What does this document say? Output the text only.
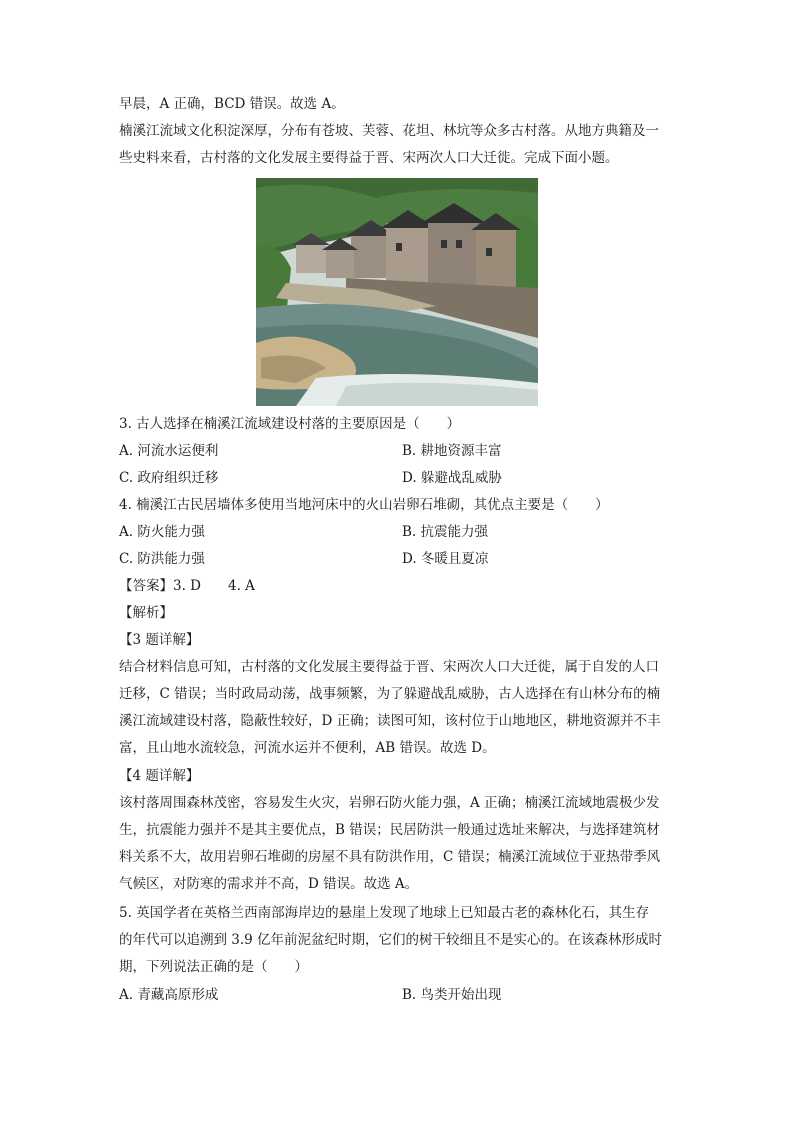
早晨，A 正确，BCD 错误。故选 A。
楠溪江流域文化积淀深厚，分布有苍坡、芙蓉、花坦、林坑等众多古村落。从地方典籍及一
些史料来看，古村落的文化发展主要得益于晋、宋两次人口大迁徙。完成下面小题。
3. 古人选择在楠溪江流域建设村落的主要原因是（　　）
A. 河流水运便利	B. 耕地资源丰富
C. 政府组织迁移	D. 躲避战乱威胁
4. 楠溪江古民居墙体多使用当地河床中的火山岩卵石堆砌，其优点主要是（　　）
A. 防火能力强	B. 抗震能力强
C. 防洪能力强	D. 冬暖且夏凉
【答案】3. D　　4. A
【解析】
【3 题详解】
结合材料信息可知，古村落的文化发展主要得益于晋、宋两次人口大迁徙，属于自发的人口
迁移，C 错误；当时政局动荡，战事频繁，为了躲避战乱威胁，古人选择在有山林分布的楠
溪江流域建设村落，隐蔽性较好，D 正确；读图可知，该村位于山地地区，耕地资源并不丰
富，且山地水流较急，河流水运并不便利，AB 错误。故选 D。
【4 题详解】
该村落周围森林茂密，容易发生火灾，岩卵石防火能力强，A 正确；楠溪江流域地震极少发
生，抗震能力强并不是其主要优点，B 错误；民居防洪一般通过选址来解决，与选择建筑材
料关系不大，故用岩卵石堆砌的房屋不具有防洪作用，C 错误；楠溪江流域位于亚热带季风
气候区，对防寒的需求并不高，D 错误。故选 A。
5. 英国学者在英格兰西南部海岸边的悬崖上发现了地球上已知最古老的森林化石，其生存
的年代可以追溯到 3.9 亿年前泥盆纪时期，它们的树干较细且不是实心的。在该森林形成时
期，下列说法正确的是（　　）
A. 青藏高原形成	B. 鸟类开始出现
